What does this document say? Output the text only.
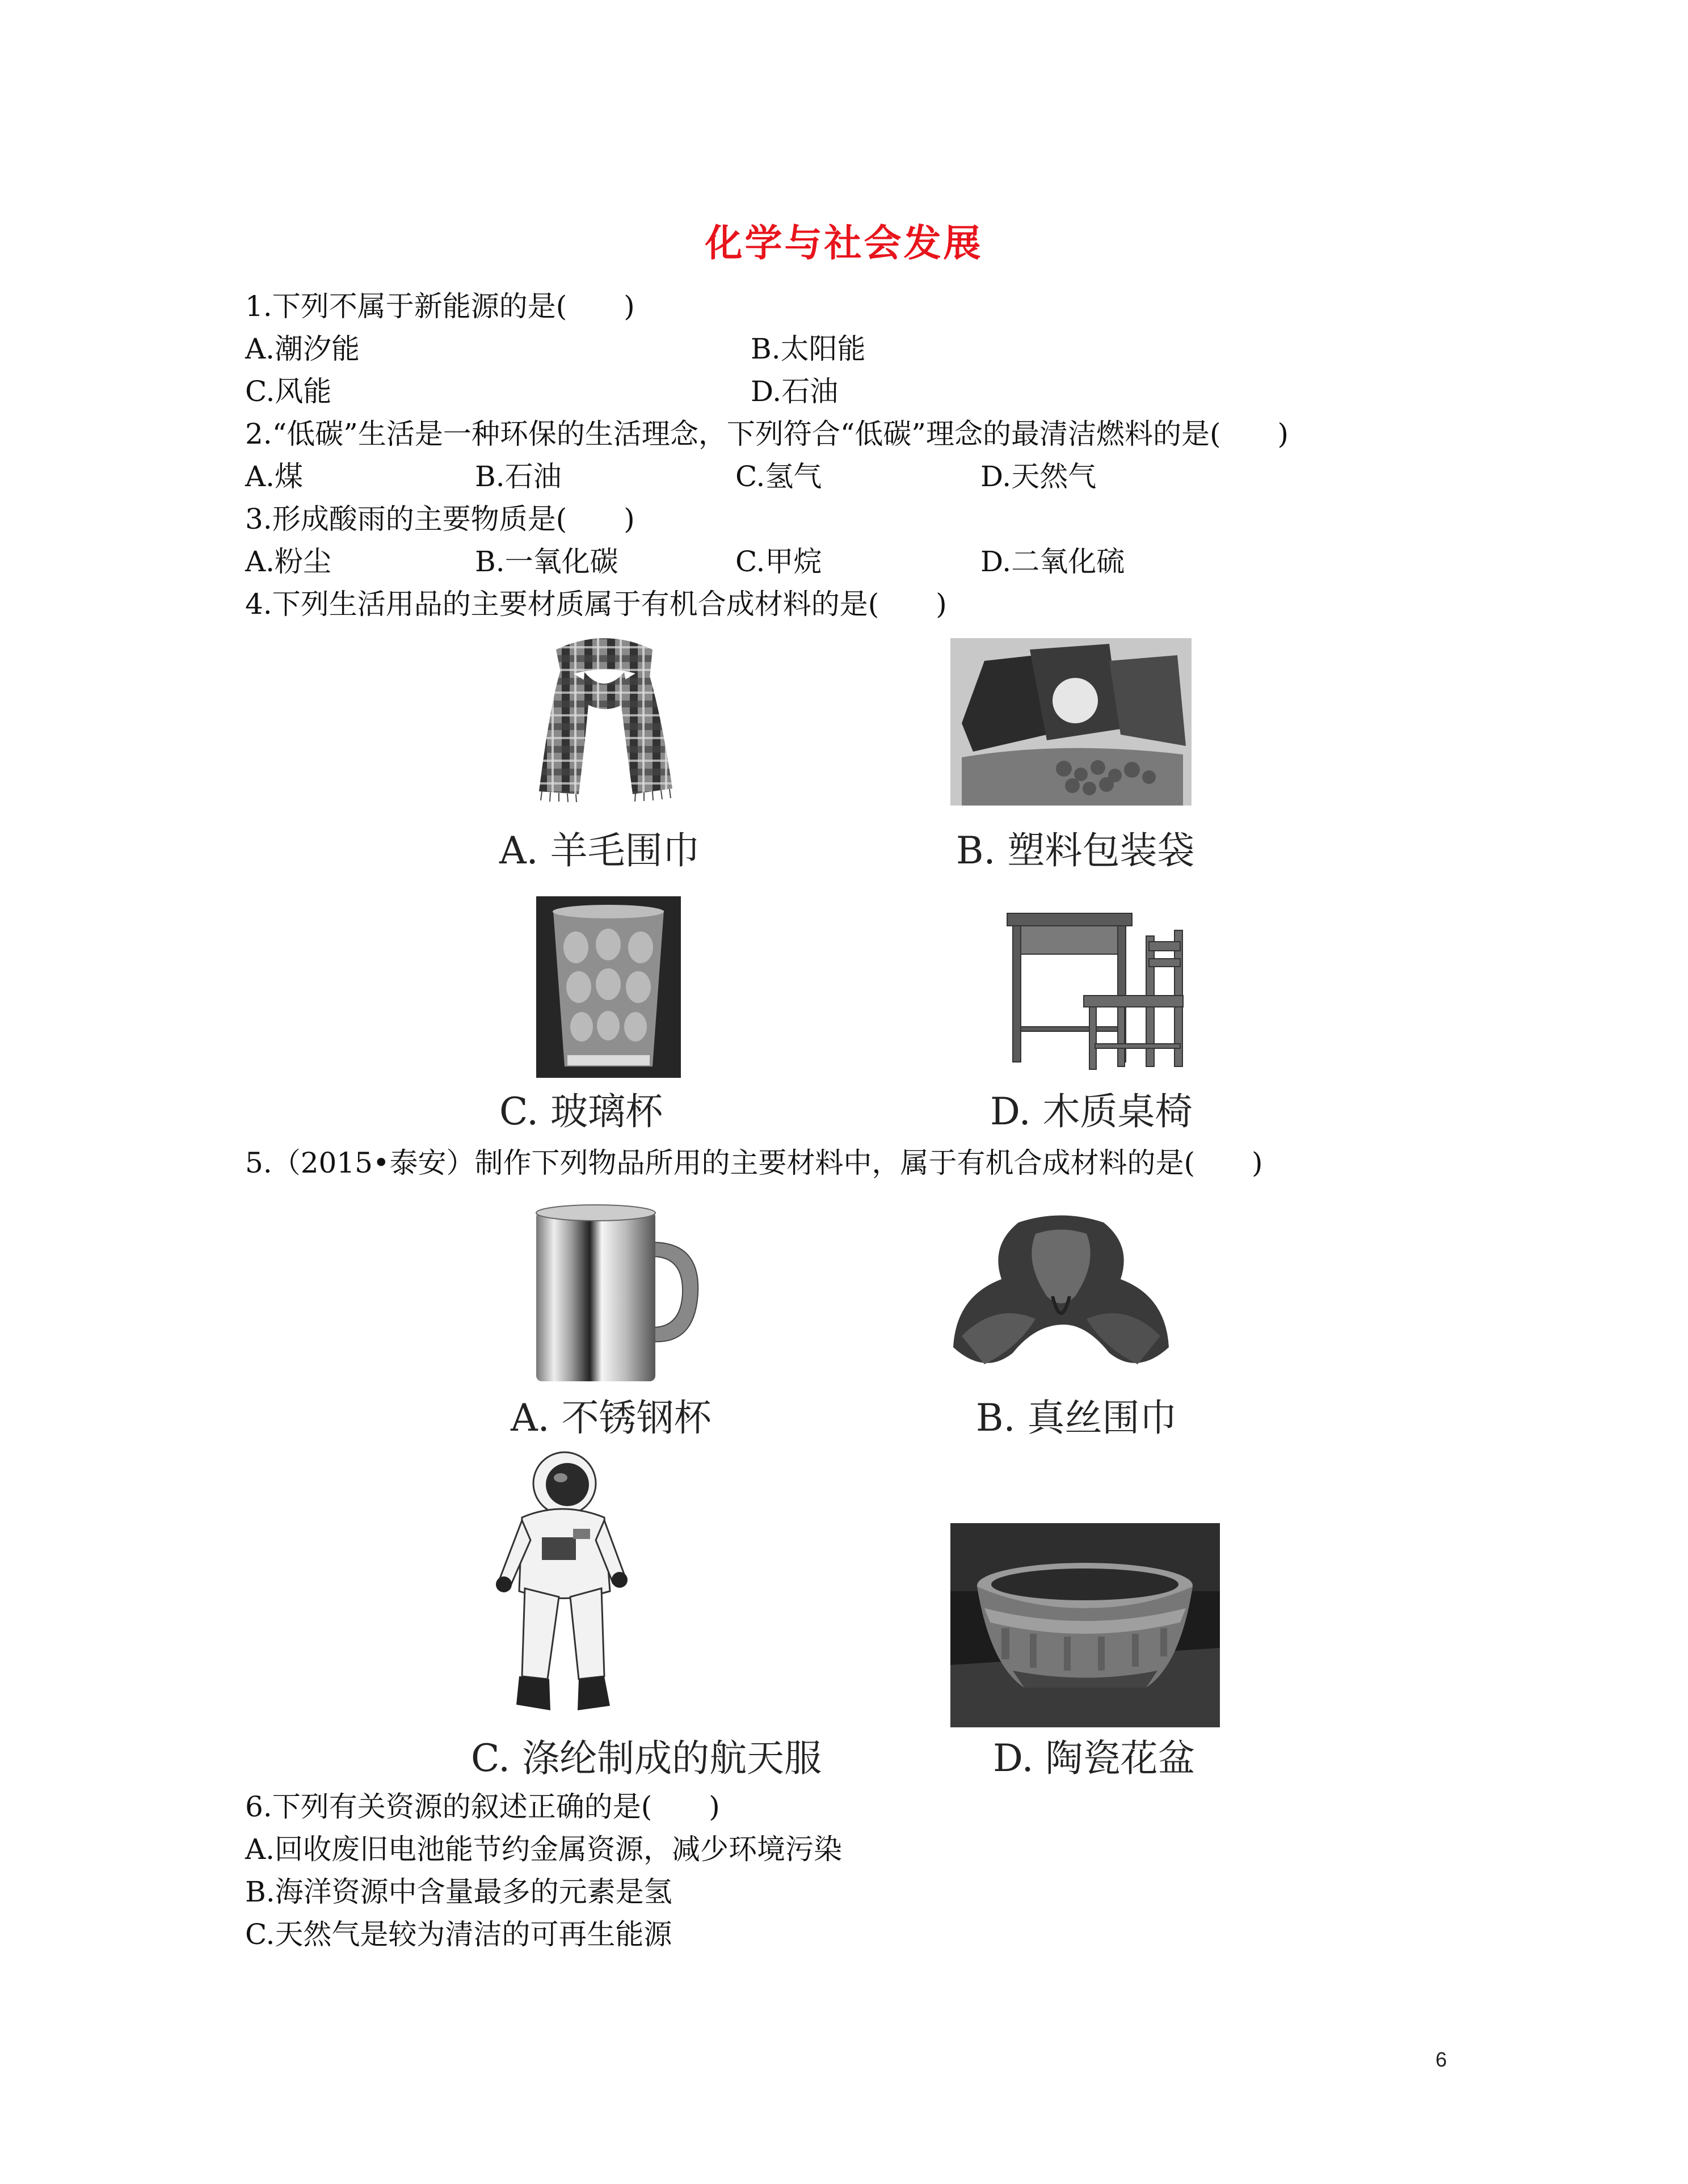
化学与社会发展
1.下列不属于新能源的是(　　)
A.潮汐能	B.太阳能
C.风能	D.石油
2.“低碳”生活是一种环保的生活理念，下列符合“低碳”理念的最清洁燃料的是(　　)
A.煤	B.石油	C.氢气	D.天然气
3.形成酸雨的主要物质是(　　)
A.粉尘	B.一氧化碳	C.甲烷	D.二氧化硫
4.下列生活用品的主要材质属于有机合成材料的是(　　)
A. 羊毛围巾	B. 塑料包装袋
C. 玻璃杯	D. 木质桌椅
5.（2015•泰安）制作下列物品所用的主要材料中，属于有机合成材料的是(　　)
A. 不锈钢杯	B. 真丝围巾
C. 涤纶制成的航天服	D. 陶瓷花盆
6.下列有关资源的叙述正确的是(　　)
A.回收废旧电池能节约金属资源，减少环境污染
B.海洋资源中含量最多的元素是氢
C.天然气是较为清洁的可再生能源
6
